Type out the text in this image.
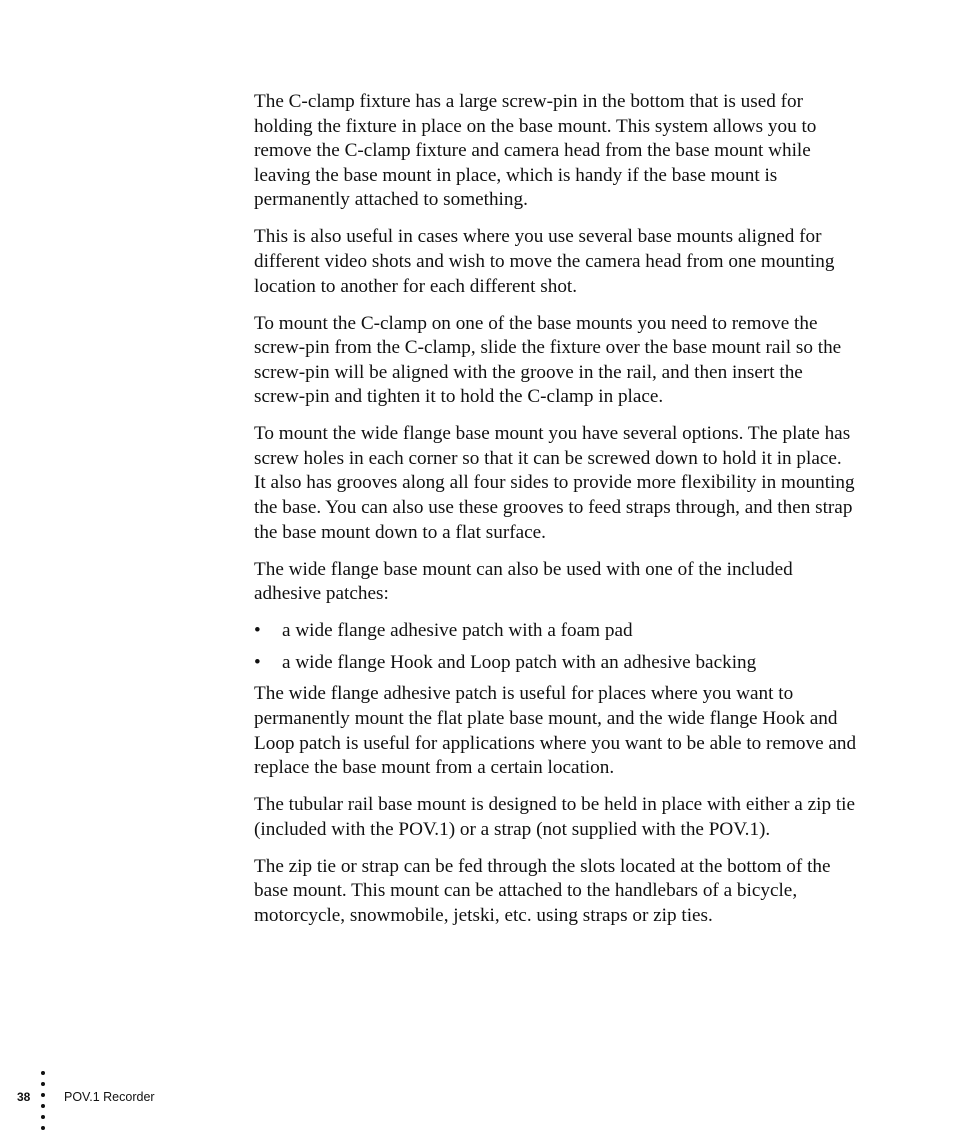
The C-clamp fixture has a large screw-pin in the bottom that is used for holding the fixture in place on the base mount. This system allows you to remove the C-clamp fixture and camera head from the base mount while leaving the base mount in place, which is handy if the base mount is permanently attached to something.

This is also useful in cases where you use several base mounts aligned for different video shots and wish to move the camera head from one mounting location to another for each different shot.

To mount the C-clamp on one of the base mounts you need to remove the screw-pin from the C-clamp, slide the fixture over the base mount rail so the screw-pin will be aligned with the groove in the rail, and then insert the screw-pin and tighten it to hold the C-clamp in place.

To mount the wide flange base mount you have several options. The plate has screw holes in each corner so that it can be screwed down to hold it in place. It also has grooves along all four sides to provide more flexibility in mounting the base. You can also use these grooves to feed straps through, and then strap the base mount down to a flat surface.

The wide flange base mount can also be used with one of the included adhesive patches:

• a wide flange adhesive patch with a foam pad
• a wide flange Hook and Loop patch with an adhesive backing

The wide flange adhesive patch is useful for places where you want to permanently mount the flat plate base mount, and the wide flange Hook and Loop patch is useful for applications where you want to be able to remove and replace the base mount from a certain location.

The tubular rail base mount is designed to be held in place with either a zip tie (included with the POV.1) or a strap (not supplied with the POV.1).

The zip tie or strap can be fed through the slots located at the bottom of the base mount. This mount can be attached to the handlebars of a bicycle, motorcycle, snowmobile, jetski, etc. using straps or zip ties.

38	POV.1 Recorder
